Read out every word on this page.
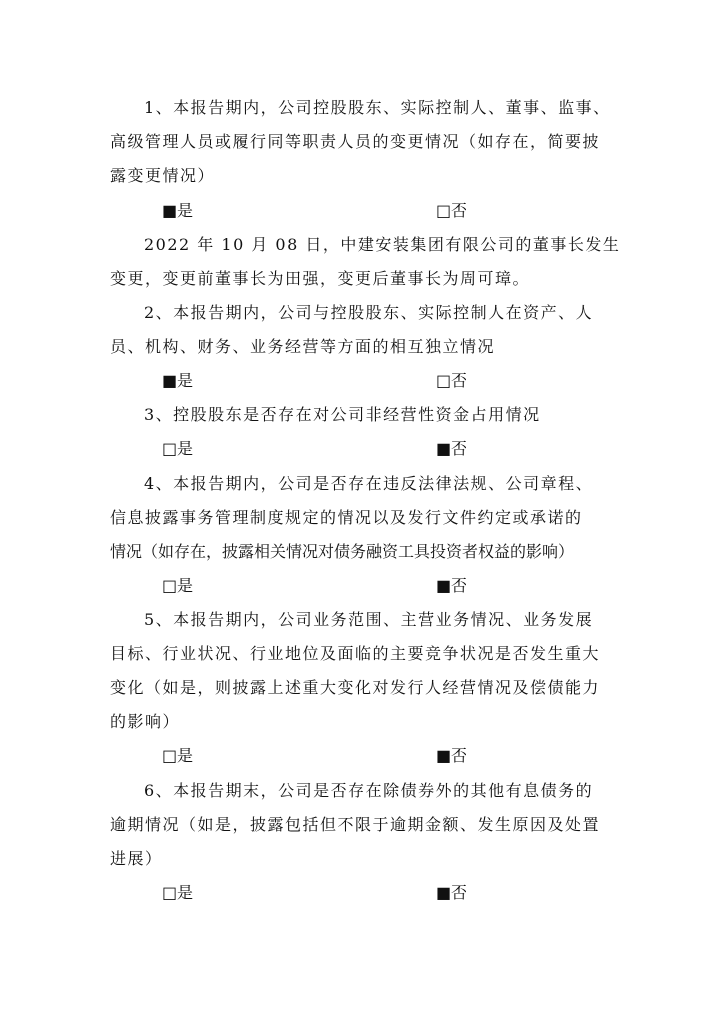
1、本报告期内，公司控股股东、实际控制人、董事、监事、
高级管理人员或履行同等职责人员的变更情况（如存在，简要披
露变更情况）
■是	□否
2022 年 10 月 08 日，中建安装集团有限公司的董事长发生
变更，变更前董事长为田强，变更后董事长为周可璋。
2、本报告期内，公司与控股股东、实际控制人在资产、人
员、机构、财务、业务经营等方面的相互独立情况
■是	□否
3、控股股东是否存在对公司非经营性资金占用情况
□是	■否
4、本报告期内，公司是否存在违反法律法规、公司章程、
信息披露事务管理制度规定的情况以及发行文件约定或承诺的
情况（如存在，披露相关情况对债务融资工具投资者权益的影响）
□是	■否
5、本报告期内，公司业务范围、主营业务情况、业务发展
目标、行业状况、行业地位及面临的主要竞争状况是否发生重大
变化（如是，则披露上述重大变化对发行人经营情况及偿债能力
的影响）
□是	■否
6、本报告期末，公司是否存在除债券外的其他有息债务的
逾期情况（如是，披露包括但不限于逾期金额、发生原因及处置
进展）
□是	■否
